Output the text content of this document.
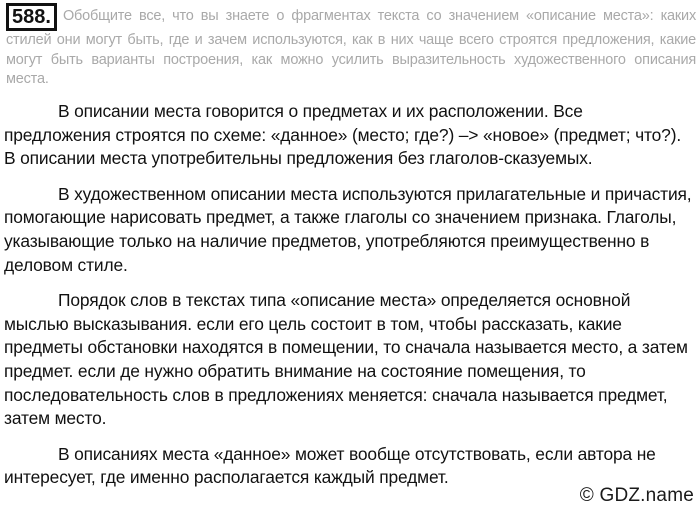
588. Обобщите все, что вы знаете о фрагментах текста со значением «описание места»: каких стилей они могут быть, где и зачем используются, как в них чаще всего строятся предложения, какие могут быть варианты построения, как можно усилить выразительность художественного описания места.

В описании места говорится о предметах и их расположении. Все предложения строятся по схеме: «данное» (место; где?) –> «новое» (предмет; что?). В описании места употребительны предложения без глаголов-сказуемых.

В художественном описании места используются прилагательные и причастия, помогающие нарисовать предмет, а также глаголы со значением признака. Глаголы, указывающие только на наличие предметов, употребляются преимущественно в деловом стиле.

Порядок слов в текстах типа «описание места» определяется основной мыслью высказывания. если его цель состоит в том, чтобы рассказать, какие предметы обстановки находятся в помещении, то сначала называется место, а затем предмет. если де нужно обратить внимание на состояние помещения, то последовательность слов в предложениях меняется: сначала называется предмет, затем место.

В описаниях места «данное» может вообще отсутствовать, если автора не интересует, где именно располагается каждый предмет.

© GDZ.name
